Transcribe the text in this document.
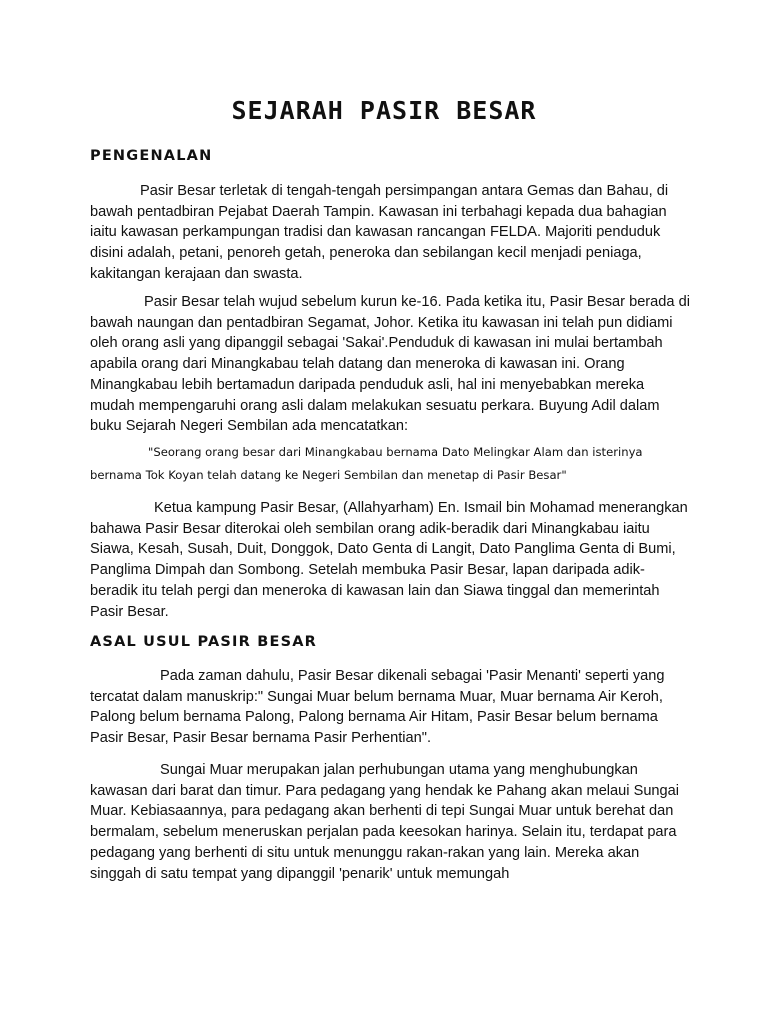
SEJARAH PASIR BESAR
PENGENALAN
Pasir Besar terletak di tengah-tengah persimpangan antara Gemas dan Bahau, di bawah pentadbiran Pejabat Daerah Tampin. Kawasan ini terbahagi kepada dua bahagian iaitu kawasan perkampungan tradisi dan kawasan rancangan FELDA. Majoriti penduduk disini adalah, petani, penoreh getah, peneroka dan sebilangan kecil menjadi peniaga, kakitangan kerajaan dan swasta.
Pasir Besar telah wujud sebelum kurun ke-16. Pada ketika itu, Pasir Besar berada di bawah naungan dan pentadbiran Segamat, Johor. Ketika itu kawasan ini telah pun didiami oleh orang asli yang dipanggil sebagai 'Sakai'.Penduduk di kawasan ini mulai bertambah apabila orang dari Minangkabau telah datang dan meneroka di kawasan ini. Orang Minangkabau lebih bertamadun daripada penduduk asli, hal ini menyebabkan mereka mudah mempengaruhi orang asli dalam melakukan sesuatu perkara. Buyung Adil dalam buku Sejarah Negeri Sembilan ada mencatatkan:
"Seorang orang besar dari Minangkabau bernama Dato Melingkar Alam dan isterinya bernama Tok Koyan telah datang ke Negeri Sembilan dan menetap di Pasir Besar"
Ketua kampung Pasir Besar, (Allahyarham) En. Ismail bin Mohamad menerangkan bahawa Pasir Besar diterokai oleh sembilan orang adik-beradik dari Minangkabau iaitu Siawa, Kesah, Susah, Duit, Donggok, Dato Genta di Langit, Dato Panglima Genta di Bumi, Panglima Dimpah dan Sombong. Setelah membuka Pasir Besar, lapan daripada adik-beradik itu telah pergi dan meneroka di kawasan lain dan Siawa tinggal dan memerintah Pasir Besar.
ASAL USUL PASIR BESAR
Pada zaman dahulu, Pasir Besar dikenali sebagai 'Pasir Menanti' seperti yang tercatat dalam manuskrip:" Sungai Muar belum bernama Muar, Muar bernama Air Keroh, Palong belum bernama Palong, Palong bernama Air Hitam, Pasir Besar belum bernama Pasir Besar, Pasir Besar bernama Pasir Perhentian".
Sungai Muar merupakan jalan perhubungan utama yang menghubungkan kawasan dari barat dan timur. Para pedagang yang hendak ke Pahang akan melaui Sungai Muar. Kebiasaannya, para pedagang akan berhenti di tepi Sungai Muar untuk berehat dan bermalam, sebelum meneruskan perjalan pada keesokan harinya. Selain itu, terdapat para pedagang yang berhenti di situ untuk menunggu rakan-rakan yang lain. Mereka akan singgah di satu tempat yang dipanggil 'penarik' untuk memungah
